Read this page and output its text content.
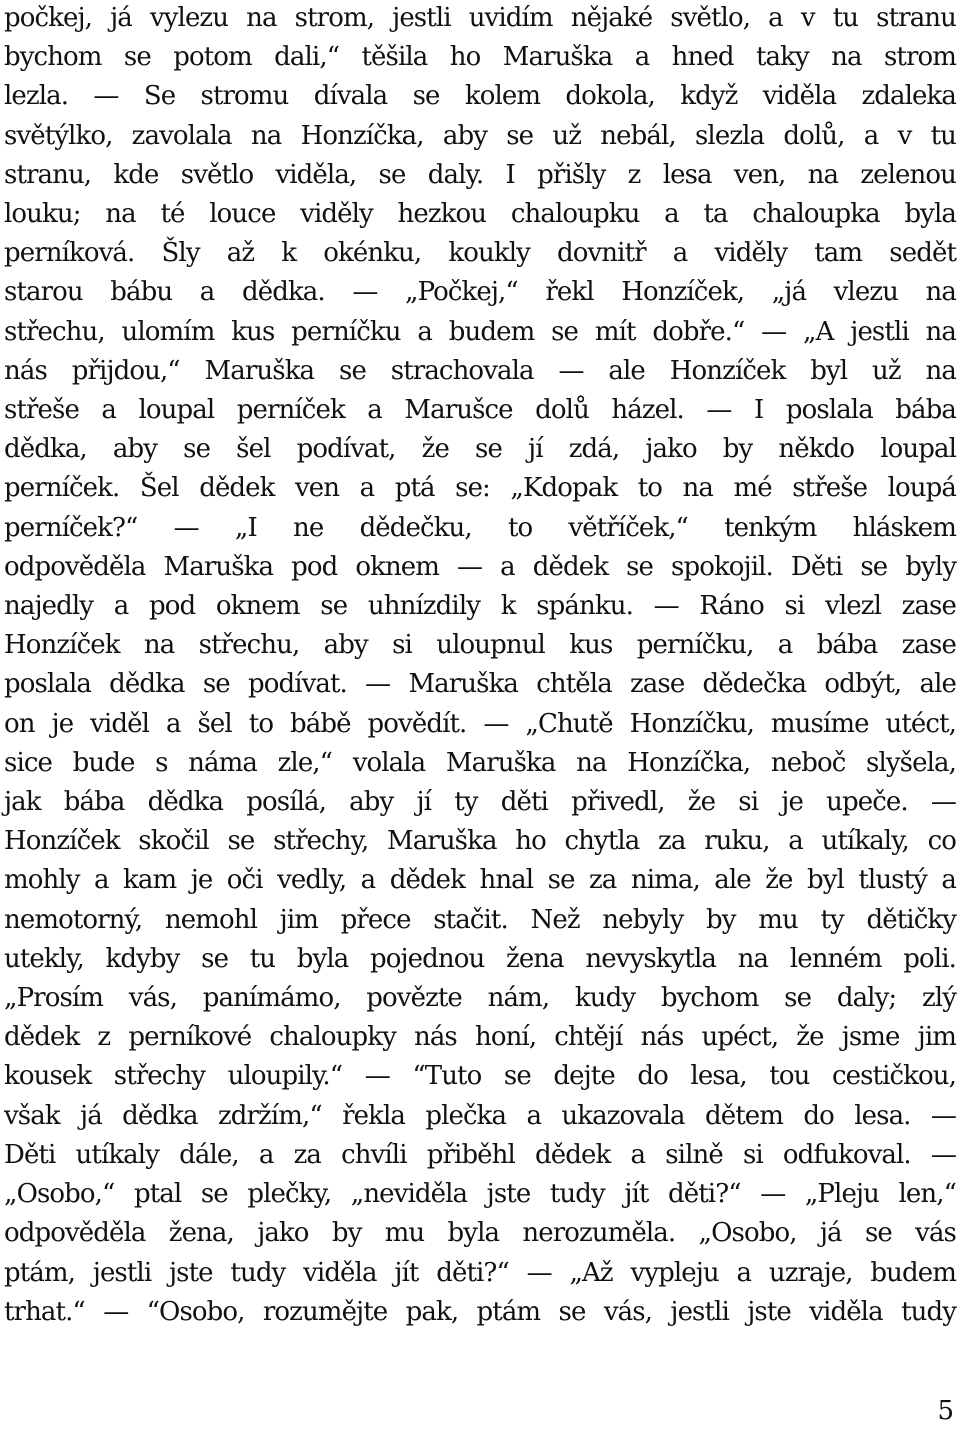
počkej, já vylezu na strom, jestli uvidím nějaké světlo, a v tu stranu
bychom se potom dali,“ těšila ho Maruška a hned taky na strom
lezla. — Se stromu dívala se kolem dokola, když viděla zdaleka
světýlko, zavolala na Honzíčka, aby se už nebál, slezla dolů, a v tu
stranu, kde světlo viděla, se daly. I přišly z lesa ven, na zelenou
louku; na té louce viděly hezkou chaloupku a ta chaloupka byla
perníková. Šly až k okénku, koukly dovnitř a viděly tam sedět
starou bábu a dědka. — „Počkej,“ řekl Honzíček, „já vlezu na
střechu, ulomím kus perníčku a budem se mít dobře.“ — „A jestli na
nás přijdou,“ Maruška se strachovala — ale Honzíček byl už na
střeše a loupal perníček a Marušce dolů házel. — I poslala bába
dědka, aby se šel podívat, že se jí zdá, jako by někdo loupal
perníček. Šel dědek ven a ptá se: „Kdopak to na mé střeše loupá
perníček?“ — „I ne dědečku, to větříček,“ tenkým hláskem
odpověděla Maruška pod oknem — a dědek se spokojil. Děti se byly
najedly a pod oknem se uhnízdily k spánku. — Ráno si vlezl zase
Honzíček na střechu, aby si uloupnul kus perníčku, a bába zase
poslala dědka se podívat. — Maruška chtěla zase dědečka odbýt, ale
on je viděl a šel to bábě povědít. — „Chutě Honzíčku, musíme utéct,
sice bude s náma zle,“ volala Maruška na Honzíčka, neboč slyšela,
jak bába dědka posílá, aby jí ty děti přivedl, že si je upeče. —
Honzíček skočil se střechy, Maruška ho chytla za ruku, a utíkaly, co
mohly a kam je oči vedly, a dědek hnal se za nima, ale že byl tlustý a
nemotorný, nemohl jim přece stačit. Než nebyly by mu ty dětičky
utekly, kdyby se tu byla pojednou žena nevyskytla na lenném poli.
„Prosím vás, panímámo, povězte nám, kudy bychom se daly; zlý
dědek z perníkové chaloupky nás honí, chtějí nás upéct, že jsme jim
kousek střechy uloupily.“ — “Tuto se dejte do lesa, tou cestičkou,
však já dědka zdržím,“ řekla plečka a ukazovala dětem do lesa. —
Děti utíkaly dále, a za chvíli přiběhl dědek a silně si odfukoval. —
„Osobo,“ ptal se plečky, „neviděla jste tudy jít děti?“ — „Pleju len,“
odpověděla žena, jako by mu byla nerozuměla. „Osobo, já se vás
ptám, jestli jste tudy viděla jít děti?“ — „Až vypleju a uzraje, budem
trhat.“ — “Osobo, rozumějte pak, ptám se vás, jestli jste viděla tudy
5
